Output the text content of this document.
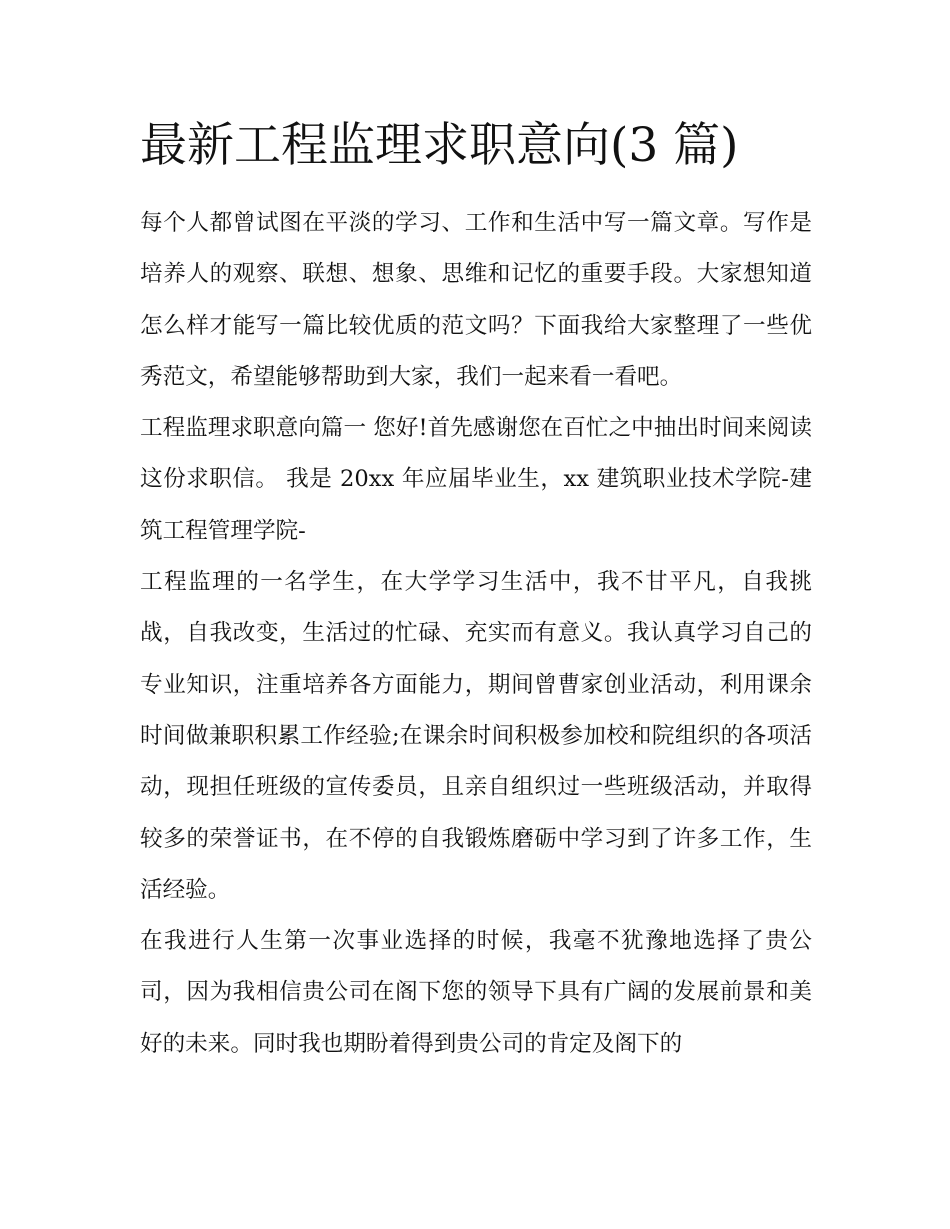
最新工程监理求职意向(3 篇)

每个人都曾试图在平淡的学习、工作和生活中写一篇文章。写作是培养人的观察、联想、想象、思维和记忆的重要手段。大家想知道怎么样才能写一篇比较优质的范文吗？下面我给大家整理了一些优秀范文，希望能够帮助到大家，我们一起来看一看吧。

工程监理求职意向篇一 您好!首先感谢您在百忙之中抽出时间来阅读这份求职信。 我是 20xx 年应届毕业生，xx 建筑职业技术学院-建筑工程管理学院-

工程监理的一名学生，在大学学习生活中，我不甘平凡，自我挑战，自我改变，生活过的忙碌、充实而有意义。我认真学习自己的专业知识，注重培养各方面能力，期间曾曹家创业活动，利用课余时间做兼职积累工作经验;在课余时间积极参加校和院组织的各项活动，现担任班级的宣传委员，且亲自组织过一些班级活动，并取得较多的荣誉证书，在不停的自我锻炼磨砺中学习到了许多工作，生活经验。

在我进行人生第一次事业选择的时候，我毫不犹豫地选择了贵公司，因为我相信贵公司在阁下您的领导下具有广阔的发展前景和美好的未来。同时我也期盼着得到贵公司的肯定及阁下的
